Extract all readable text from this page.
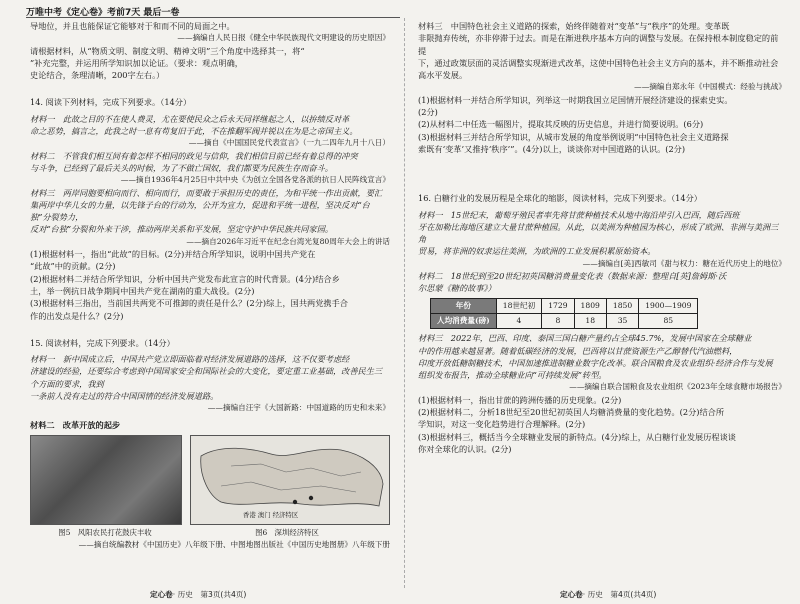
万唯中考《定心卷》考前7天 最后一卷

导地位，并且也能保证它能够对于和而不同的局面之中。

——摘编自人民日报《健全中华民族现代文明建设的历史原因》

请根据材料，从“物质文明、制度文明、精神文明”三个角度中选择其一，将“

”补充完整，并运用所学知识加以论证。（要求：观点明确，

史论结合，条理清晰，200字左右。）

14. 阅读下列材料，完成下列要求。（14分）

材料一　此故之目的不在使人费灵，尤在要使民众之后永天同祥继起之人，以拚绩反对革

命之恶势，搞言之，此我之时一息有苟复旧于此，不在推翻军阀并锐以在为是之帝国主义。

——摘自《中国国民党代表宣言》（一九二四年九月十八日）

材料二　不管我们相互间有着怎样不相同的政见与信仰，我们相信目前已经有着总得的冲突

与斗争，已经到了最后关头的时候，为了不做亡国奴，我们都要为民族生存而奋斗。

——摘自1936年4月25日中共中央《为创立全国各党各派的抗日人民阵线宣言》

材料三　两岸同胞要相向而行、相向而行，而要敢于承担历史的责任，为和平统一作出贡献，要汇

集两岸中华儿女的力量，以先锋子台的行动为，公开为宣力，促进和平统一进程，坚决反对“台独”分裂势力，

反对“台独”分裂和外来干涉，推动两岸关系和平发展，坚定守护中华民族共同家园。

——摘自2026年习近平在纪念台湾光复80周年大会上的讲话

(1)根据材料一，指出“此故”的目标。(2分)并结合所学知识，说明中国共产党在

“此故”中的贡献。(2分)

(2)根据材料二并结合所学知识，分析中国共产党发布此宣言的时代背景。(4分)结合乡

土，举一例抗日战争期间中国共产党在湖南的重大战役。(2分)

(3)根据材料三指出，当前国共两党不可推卸的责任是什么？(2分)综上，国共两党携手合

作的出发点是什么？(2分)

15. 阅读材料，完成下列要求。（14分）

材料一　新中国成立后，中国共产党立即面临着对经济发展道路的选择，这不仅要考虑经

济建设的经验，还要综合考虑到中国国家安全和国际社会的大变化，要定重工业基础，改善民生三个方面的要求，我到

一条前人没有走过的符合中国国情的经济发展道路。

——摘编自汪宇《大国新路：中国道路的历史和未来》

材料二　改革开放的起步

香港 澳门 经济特区
图5　风阳农民打花鼓庆丰收	图6　深圳经济特区

——摘自统编教材《中国历史》八年级下册、中图地图出版社《中国历史地图册》八年级下册

材料三　中国特色社会主义道路的探索，始终伴随着对“变革”与“秩序”的处理。变革既

非限抛弃传统，亦非停滞于过去。而是在渐进秩序基本方向的调整与发展。在保持根本制度稳定的前提

下，通过政策层面的灵活调整实现渐进式改革，这使中国特色社会主义方向的基本，并不断推动社会

高水平发展。

——摘编自郑永年《中国模式：经验与挑战》

(1)根据材料一并结合所学知识，列举这一时期我国立足国情开展经济建设的探索史实。

(2分)

(2)从材料二中任选一幅图片，提取其反映的历史信息，并进行简要说明。(6分)

(3)根据材料三并结合所学知识，从城市发展的角度举例说明“中国特色社会主义道路探

索既有‘变革’又推持‘秩序’”。(4分)以上，谈谈你对中国道路的认识。(2分)

16. 白糖行业的发展历程是全球化的缩影，阅读材料，完成下列要求。（14分）

材料一　15世纪末，葡萄牙殖民者率先将甘蔗种植技术从地中海沿岸引入巴西，随后西班

牙在加勒比海地区建立大量甘蔗种植园。从此，以美洲为种植园为核心，形成了欧洲、非洲与美洲三角

贸易，将非洲的奴隶运往美洲，为欧洲的工业发展积累原始资本。

——摘编自[美]西敏司《甜与权力：糖在近代历史上的地位》

材料二　18世纪到至20世纪初英国糖消费量变化表（数据来源：整理自[英]詹姆斯·沃

尔思蒙《糖的故事》）

年份	18世纪初	1729	1809	1850	1900—1909
人均消费量(磅)	4	8	18	35	85

材料三　2022年，巴西、印度、泰国三国白糖产量约占全球45.7%，发展中国家在全球糖业

中的作用越来越显著。随着低碳经济的发展，巴西将以甘蔗资源生产乙醇替代汽油燃料，

印度开放低糖制糖技术，中国加速推进制糖业数字化改革。联合国粮食及农业组织·经济合作与发展

组织发布报告，推动全球糖业向“可持续发展”转型。

——摘编自联合国粮食及农业组织《2023年全球食糖市场报告》

(1)根据材料一，指出甘蔗的跨洲传播的历史现象。(2分)

(2)根据材料二，分析18世纪至20世纪初英国人均糖消费量的变化趋势。(2分)结合所

学知识，对这一变化趋势进行合理解释。(2分)

(3)根据材料三，概括当今全球糖业发展的新特点。(4分)综上，从白糖行业发展历程谈谈

你对全球化的认识。(2分)

定心卷· 历史　第3页(共4页)	定心卷· 历史　第4页(共4页)
